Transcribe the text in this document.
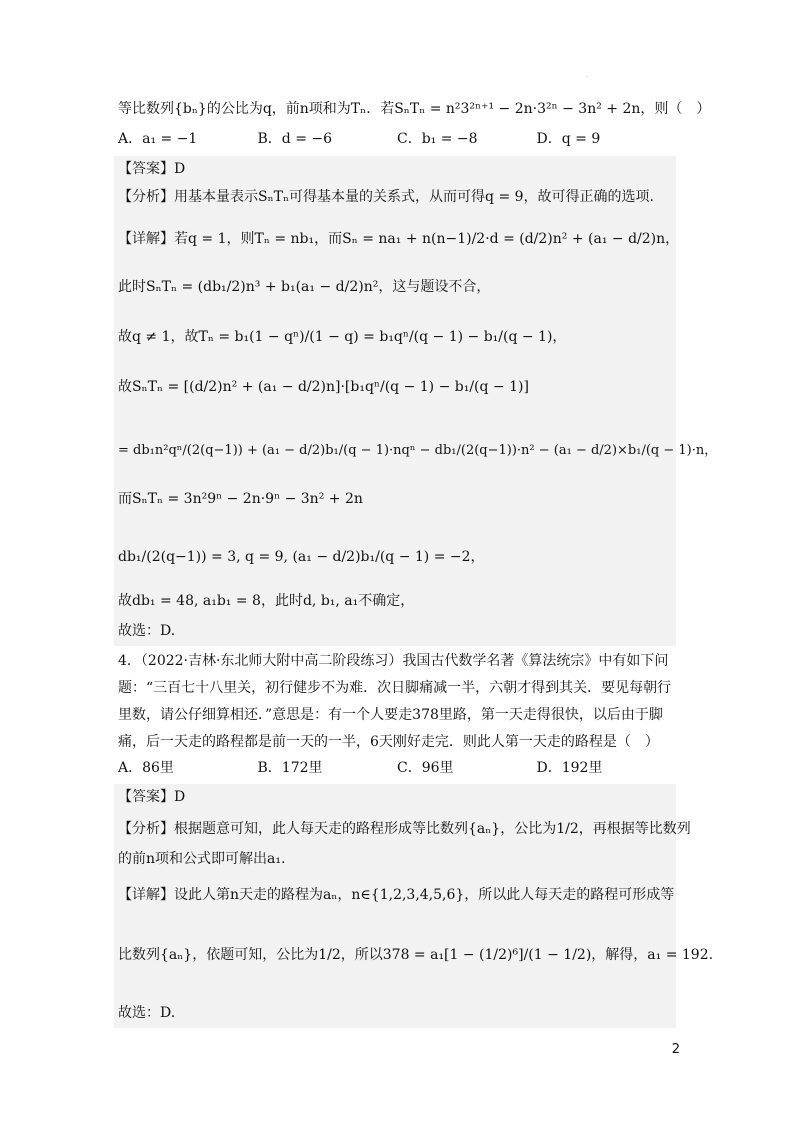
·
等比数列{bₙ}的公比为q，前n项和为Tₙ．若SₙTₙ = n²3²ⁿ⁺¹ − 2n·3²ⁿ − 3n² + 2n，则（　）
A．a₁ = −1	B．d = −6	C．b₁ = −8	D．q = 9
【答案】D
【分析】用基本量表示SₙTₙ可得基本量的关系式，从而可得q = 9，故可得正确的选项.
【详解】若q = 1，则Tₙ = nb₁，而Sₙ = na₁ + n(n−1)/2·d = (d/2)n² + (a₁ − d/2)n，
此时SₙTₙ = (db₁/2)n³ + b₁(a₁ − d/2)n²，这与题设不合，
故q ≠ 1，故Tₙ = b₁(1 − qⁿ)/(1 − q) = b₁qⁿ/(q − 1) − b₁/(q − 1)，
故SₙTₙ = [(d/2)n² + (a₁ − d/2)n]·[b₁qⁿ/(q − 1) − b₁/(q − 1)]
= db₁n²qⁿ/(2(q−1)) + (a₁ − d/2)b₁/(q − 1)·nqⁿ − db₁/(2(q−1))·n² − (a₁ − d/2)×b₁/(q − 1)·n，
而SₙTₙ = 3n²9ⁿ − 2n·9ⁿ − 3n² + 2n
db₁/(2(q−1)) = 3, q = 9, (a₁ − d/2)b₁/(q − 1) = −2，
故db₁ = 48, a₁b₁ = 8，此时d, b₁, a₁不确定，
故选：D.
4．（2022·吉林·东北师大附中高二阶段练习）我国古代数学名著《算法统宗》中有如下问
题：“三百七十八里关，初行健步不为难．次日脚痛减一半，六朝才得到其关．要见每朝行
里数，请公仔细算相还．”意思是：有一个人要走378里路，第一天走得很快，以后由于脚
痛，后一天走的路程都是前一天的一半，6天刚好走完．则此人第一天走的路程是（　）
A．86里	B．172里	C．96里	D．192里
【答案】D
【分析】根据题意可知，此人每天走的路程形成等比数列{aₙ}，公比为1/2，再根据等比数列
的前n项和公式即可解出a₁.
【详解】设此人第n天走的路程为aₙ，n∈{1,2,3,4,5,6}，所以此人每天走的路程可形成等
比数列{aₙ}，依题可知，公比为1/2，所以378 = a₁[1 − (1/2)⁶]/(1 − 1/2)，解得，a₁ = 192.
故选：D.
2
